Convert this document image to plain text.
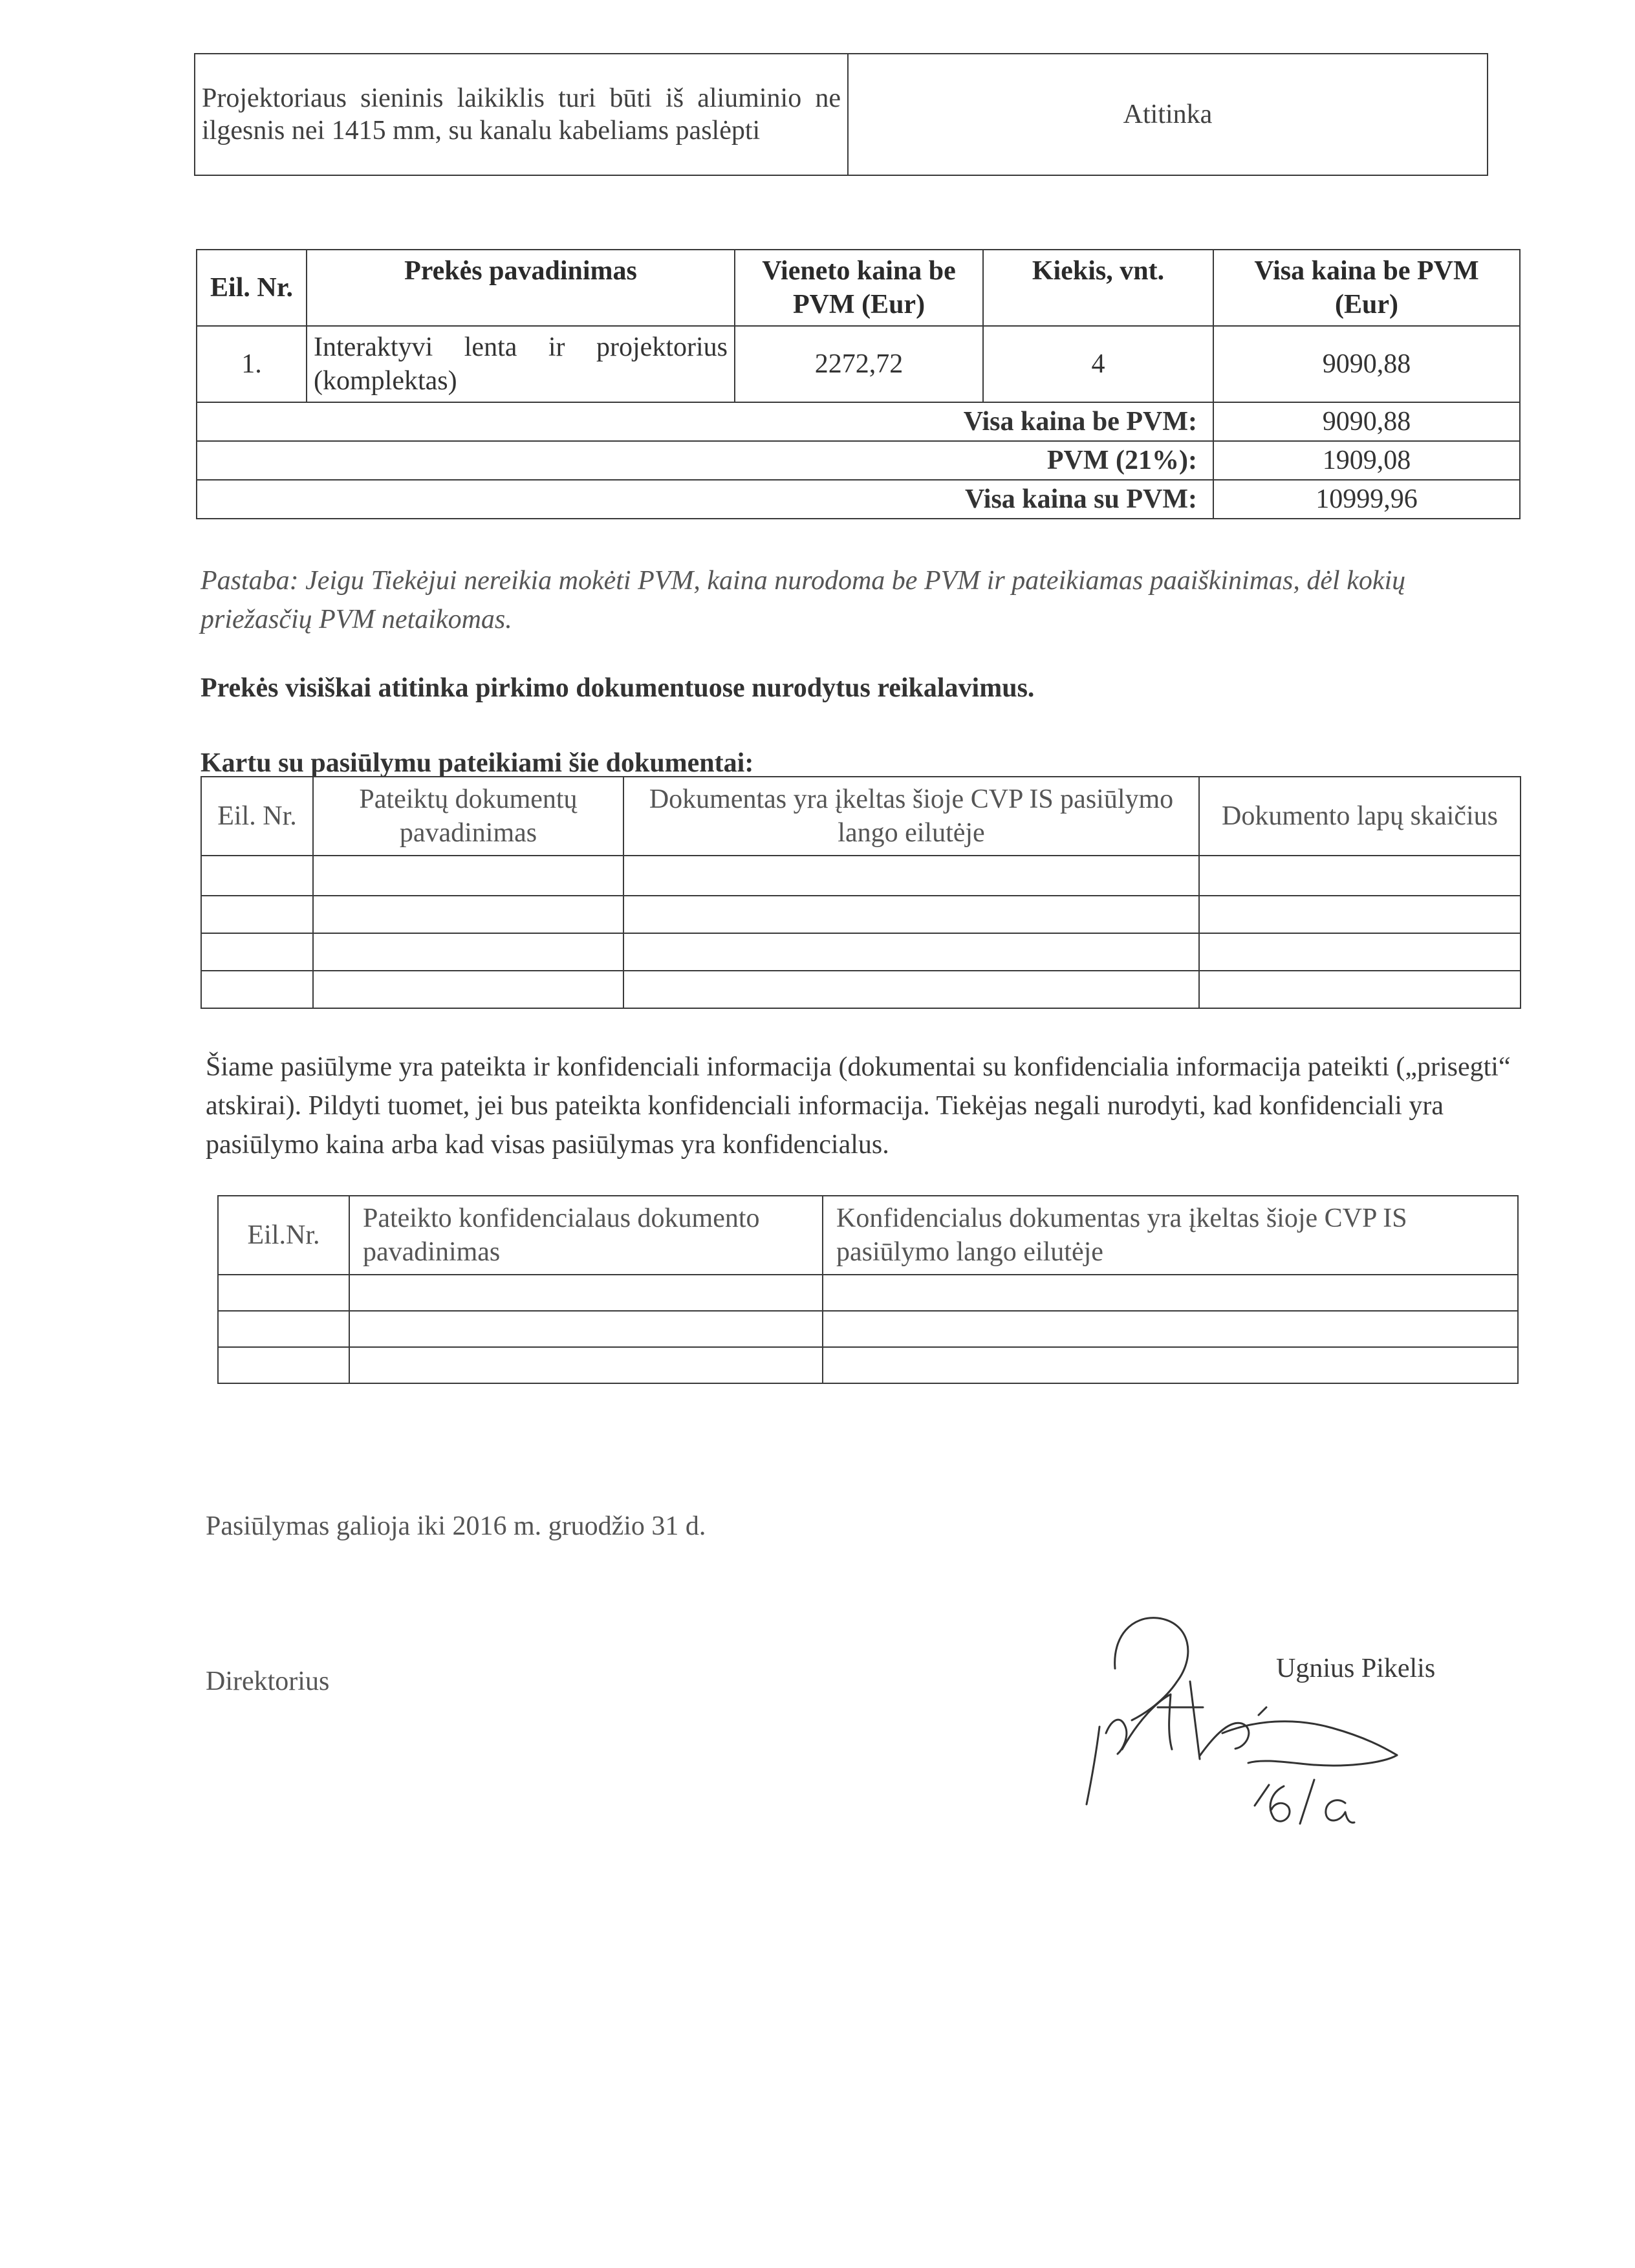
Projektoriaus sieninis laikiklis turi būti iš aliuminio ne ilgesnis nei 1415 mm, su kanalu kabeliams paslėpti	Atitinka
Eil. Nr.	Prekės pavadinimas	Vieneto kaina be PVM (Eur)	Kiekis, vnt.	Visa kaina be PVM (Eur)
1.	Interaktyvi lenta ir projektorius (komplektas)	2272,72	4	9090,88
Visa kaina be PVM:				9090,88
PVM (21%):				1909,08
Visa kaina su PVM:				10999,96
Pastaba: Jeigu Tiekėjui nereikia mokėti PVM, kaina nurodoma be PVM ir pateikiamas paaiškinimas, dėl kokių priežasčių PVM netaikomas.
Prekės visiškai atitinka pirkimo dokumentuose nurodytus reikalavimus.
Kartu su pasiūlymu pateikiami šie dokumentai:
Eil. Nr.	Pateiktų dokumentų pavadinimas	Dokumentas yra įkeltas šioje CVP IS pasiūlymo lango eilutėje	Dokumento lapų skaičius

Šiame pasiūlyme yra pateikta ir konfidenciali informacija (dokumentai su konfidencialia informacija pateikti („prisegti“ atskirai). Pildyti tuomet, jei bus pateikta konfidenciali informacija. Tiekėjas negali nurodyti, kad konfidenciali yra pasiūlymo kaina arba kad visas pasiūlymas yra konfidencialus.
Eil.Nr.	Pateikto konfidencialaus dokumento pavadinimas	Konfidencialus dokumentas yra įkeltas šioje CVP IS pasiūlymo lango eilutėje

Pasiūlymas galioja iki 2016 m. gruodžio 31 d.
Direktorius	Ugnius Pikelis
